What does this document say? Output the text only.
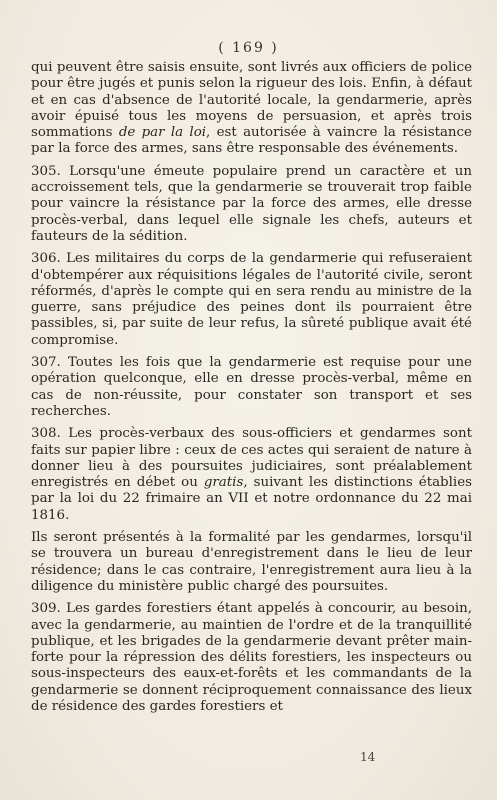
( 169 )

qui peuvent être saisis ensuite, sont livrés aux officiers de police pour être jugés et punis selon la rigueur des lois. Enfin, à défaut et en cas d'absence de l'autorité locale, la gendarmerie, après avoir épuisé tous les moyens de persuasion, et après trois sommations de par la loi, est autorisée à vaincre la résistance par la force des armes, sans être responsable des événements.

305. Lorsqu'une émeute populaire prend un caractère et un accroissement tels, que la gendarmerie se trouverait trop faible pour vaincre la résistance par la force des armes, elle dresse procès-verbal, dans lequel elle signale les chefs, auteurs et fauteurs de la sédition.

306. Les militaires du corps de la gendarmerie qui refuseraient d'obtempérer aux réquisitions légales de l'autorité civile, seront réformés, d'après le compte qui en sera rendu au ministre de la guerre, sans préjudice des peines dont ils pourraient être passibles, si, par suite de leur refus, la sûreté publique avait été compromise.

307. Toutes les fois que la gendarmerie est requise pour une opération quelconque, elle en dresse procès-verbal, même en cas de non-réussite, pour constater son transport et ses recherches.

308. Les procès-verbaux des sous-officiers et gendarmes sont faits sur papier libre : ceux de ces actes qui seraient de nature à donner lieu à des poursuites judiciaires, sont préalablement enregistrés en débet ou gratis, suivant les distinctions établies par la loi du 22 frimaire an VII et notre ordonnance du 22 mai 1816.

Ils seront présentés à la formalité par les gendarmes, lorsqu'il se trouvera un bureau d'enregistrement dans le lieu de leur résidence; dans le cas contraire, l'enregistrement aura lieu à la diligence du ministère public chargé des poursuites.

309. Les gardes forestiers étant appelés à concourir, au besoin, avec la gendarmerie, au maintien de l'ordre et de la tranquillité publique, et les brigades de la gendarmerie devant prêter main-forte pour la répression des délits forestiers, les inspecteurs ou sous-inspecteurs des eaux-et-forêts et les commandants de la gendarmerie se donnent réciproquement connaissance des lieux de résidence des gardes forestiers et

14
